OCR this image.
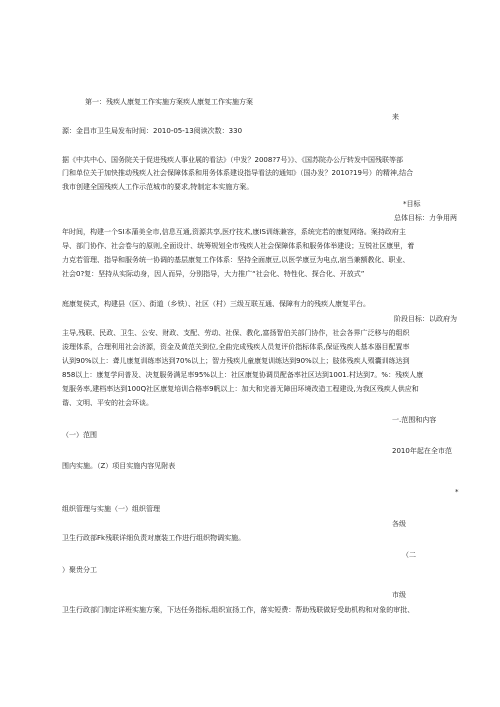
第一：残疾人康复工作实施方案疾人康复工作实施方案
来
源：金昌市卫生局发布时间：2010-05-13阅读次数：330
据《中共中心、国务院关于促进残疾人事业展的看法》（中发？2008?7号》》、《国苏院办公厅转发中国残联等部
门和单位关于加快推动残疾人社会保障体系和用务体系建设指导看法的通知》（国办发？2010?19号）的精神,结合
我市创建全国残疾人工作示范城市的要求,特制定本实施方案。
*目标
总体目标：力争用两
年时间，构建一个SI本蒲美全市,信息互通,资源共享,医疗技术,康IS训练兼容，系统完若的康复网络。案持政府主
导、部门协作、社会卷与的原则,全面设计、统筹规划全市残疾人社会保障体系和服务体举建设；互锐社区康里，着
力克若管理、指导和服务统一协调的基层康复工作体系：坚持全面康豆,以医学康豆为电点,宿当兼额教化、职业、
社会0?复：坚持从实际动身，因人而异，分别指导，大力推广“社会化、特性化、探合化、开放式”
庭康复侯式，构建县（区）、街道（乡铁）、社区（村）三级互联互通、保障有力的残疾人康复平台。
阶段目标：以政府为
主导,残联、民政、卫生、公安、财政、支配、劳动、社保、教化,富扬智伯关部门协作，社会各界广泛移与的组织
浚理体系，合理利用社会济源，资金及黄范关到位,全曲完成残疾人员复评价指标体系,保证残疾人基本器目配置率
认到90%以上：聋儿康复训练率达到70%以上；智力残疾儿童康复训练达到90%以上；肢体残疾人殒囊训练达到
858以上：康复学问普及、决复服务满足率95%以上：社区康复协调员配备率社区达到1001.村达到7。%：残疾人康
复服务率,建档率达到100Q社区康复培训合格率9帆以上：加大和完善无障田环境改造工程建设,为我区残疾人供应和
谐、文明、平安的社会环谈。
一.范围和内容
（一）范围
2010年起在全市范
围内实施。（Z）项目实施内容见附表
*
组织管理与实施（一）组织管理
各级
卫生行政部Fk残联详细负责对康装工作进行组织物调实施。
（二
）聚贵分工
市级
卫生行政部门制定详班实施方案，下达任务指标,组织宣扬工作，落实短费：帮助残联做好受助机构和对象的审批、
